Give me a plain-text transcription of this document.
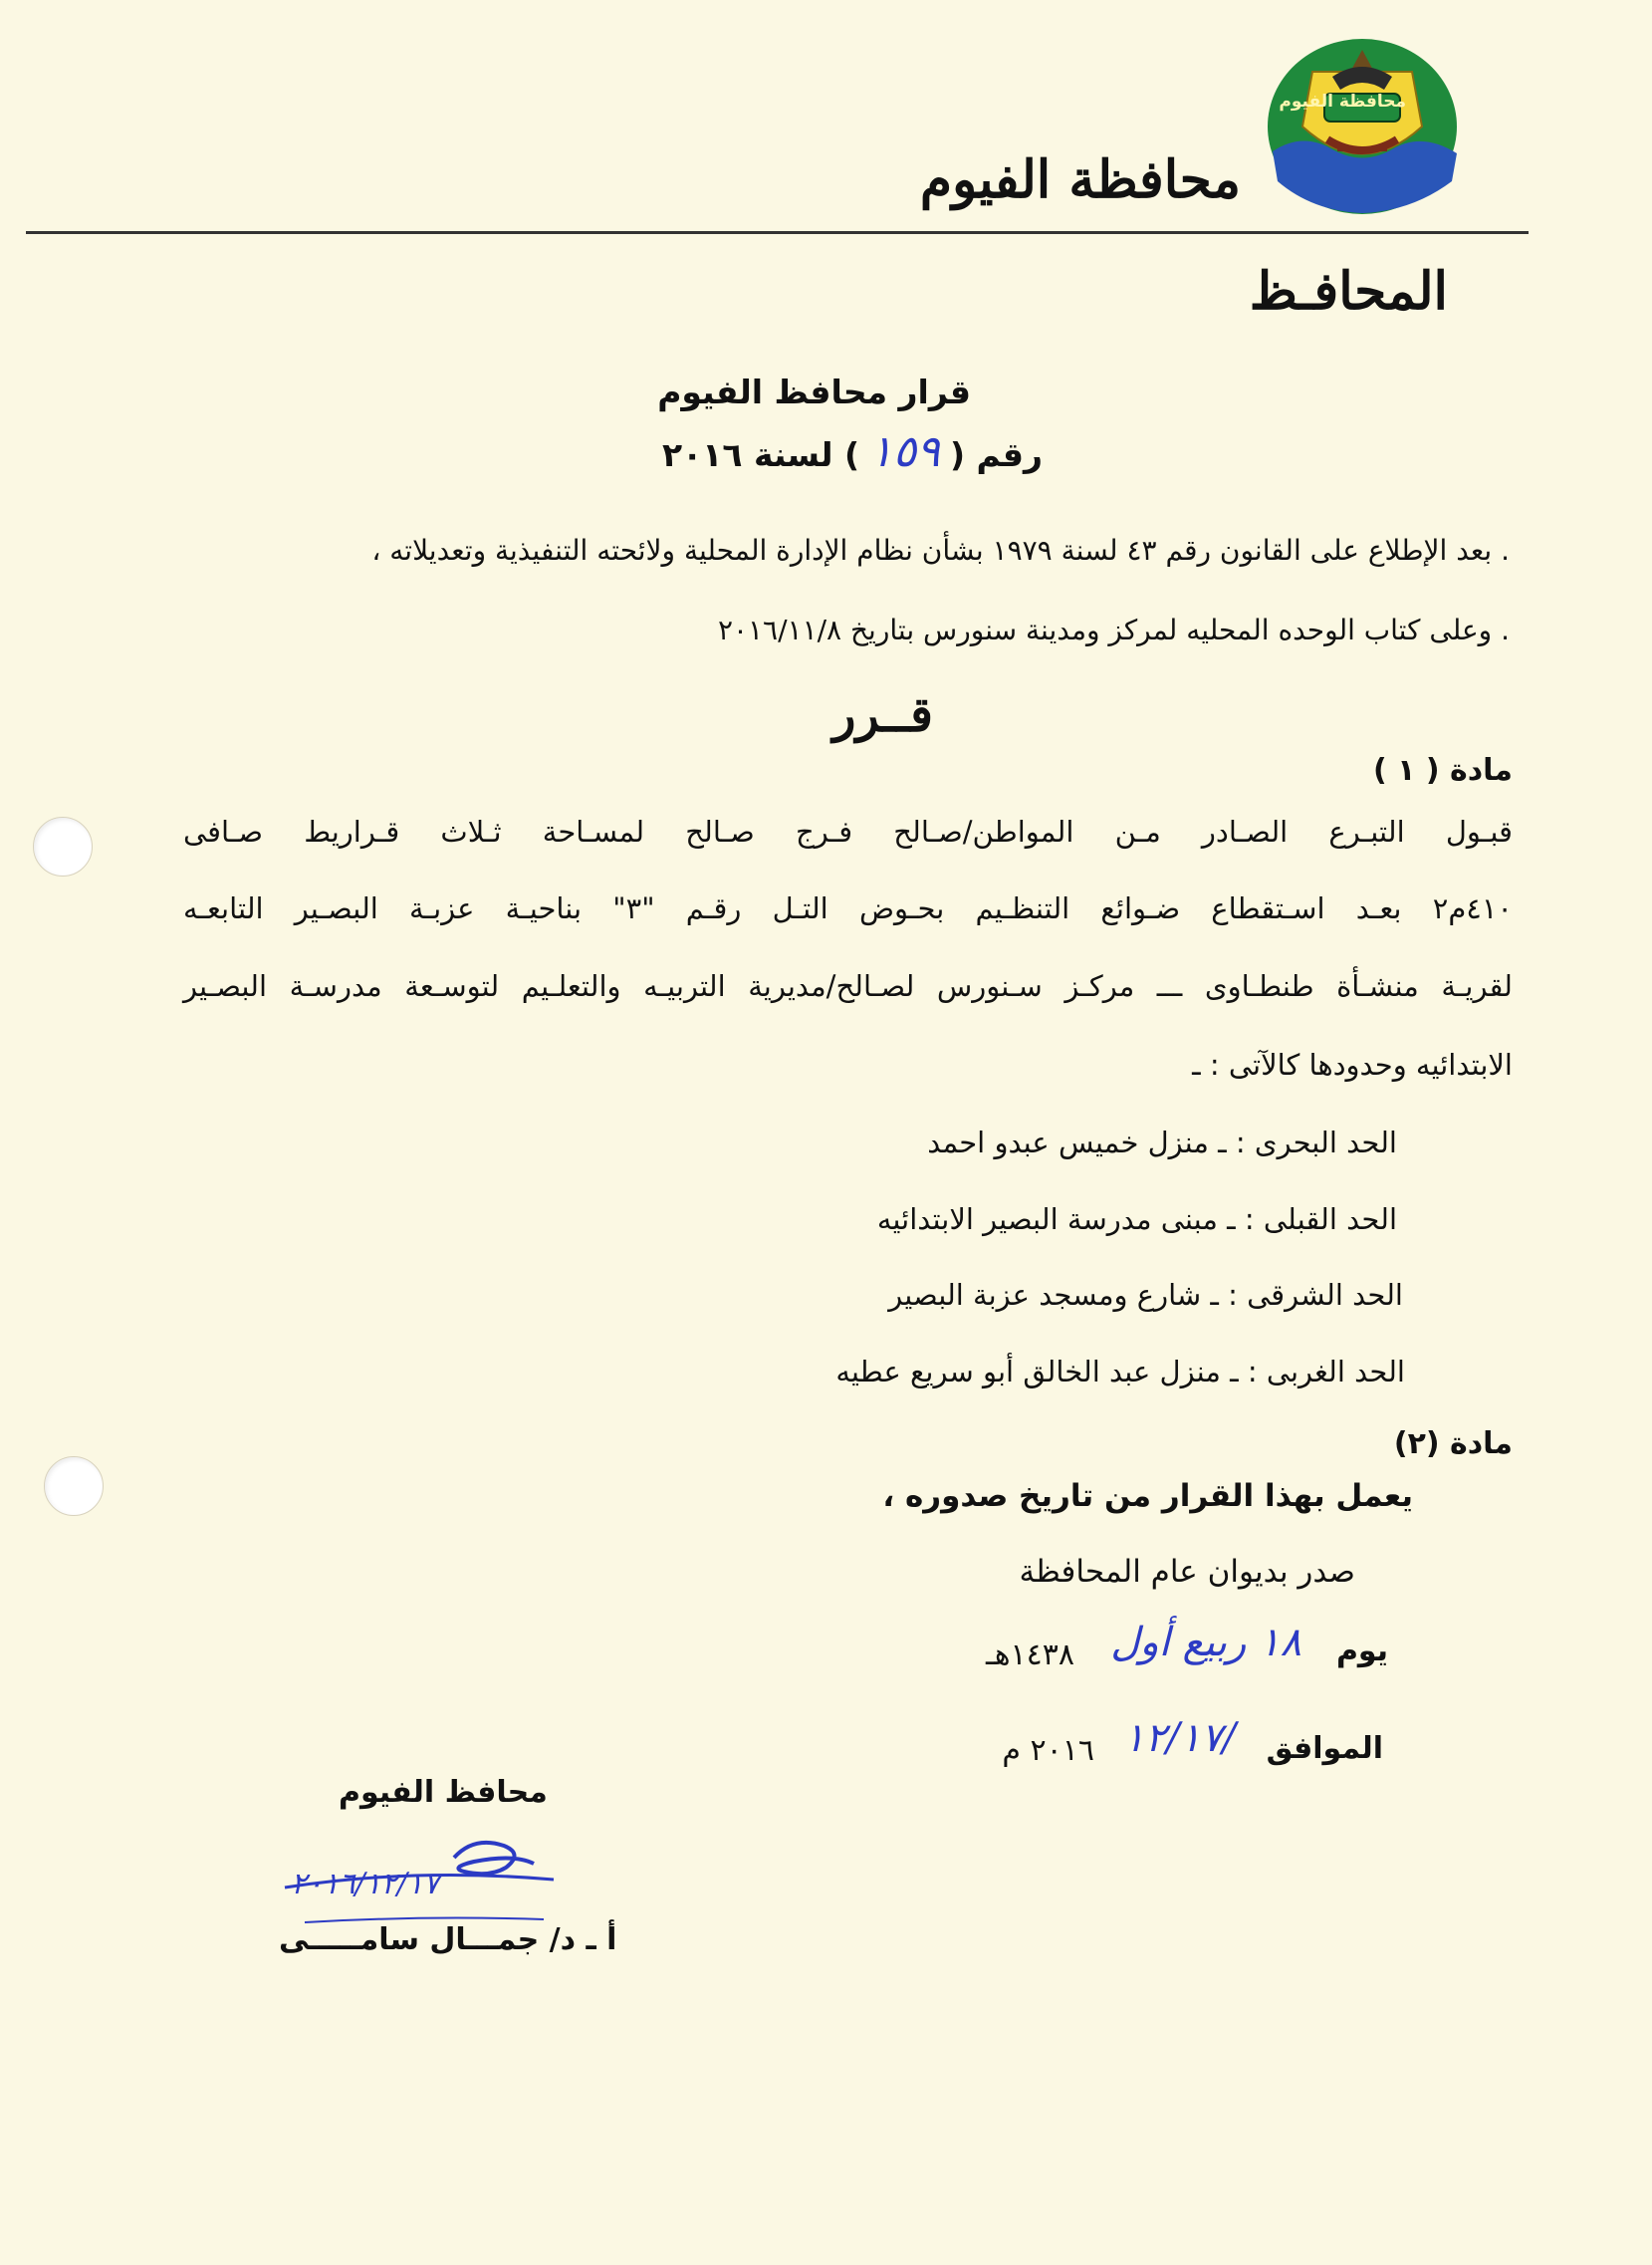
محافظة الفيوم
محافظة الفيوم
المحافـظ
قرار محافظ الفيوم
رقم (١٥٩) لسنة ٢٠١٦
. بعد الإطلاع على القانون رقم ٤٣ لسنة ١٩٧٩ بشأن نظام الإدارة المحلية ولائحته التنفيذية وتعديلاته ،
. وعلى كتاب الوحده المحليه لمركز ومدينة سنورس بتاريخ ٢٠١٦/١١/٨
قــرر
مادة ( ١ )
قبـول التبـرع الصـادر مـن المواطن/صـالح فـرج صـالح لمسـاحة ثـلاث قـراريط صـافى
٤١٠م٢ بعـد اسـتقطاع ضـوائع التنظـيم بحـوض التـل رقـم "٣" بناحيـة عزبـة البصـير التابعـه
لقريـة منشـأة طنطـاوى ـــ مركـز سـنورس لصـالح/مديرية التربيـه والتعلـيم لتوسـعة مدرسـة البصـير
الابتدائيه وحدودها كالآتى : ـ
الحد البحرى : ـ منزل خميس عبدو احمد
الحد القبلى : ـ مبنى مدرسة البصير الابتدائيه
الحد الشرقى : ـ شارع ومسجد عزبة البصير
الحد الغربى : ـ منزل عبد الخالق أبو سريع عطيه
مادة (٢)
يعمل بهذا القرار من تاريخ صدوره ،
صدر بديوان عام المحافظة
يوم
١٨ ربيع أول
١٤٣٨هـ
الموافق
/١٢/١٧
٢٠١٦ م
محافظ الفيوم
٢٠١٦/١٢/١٧
أ ـ د/ جمـــال سامـــــى
